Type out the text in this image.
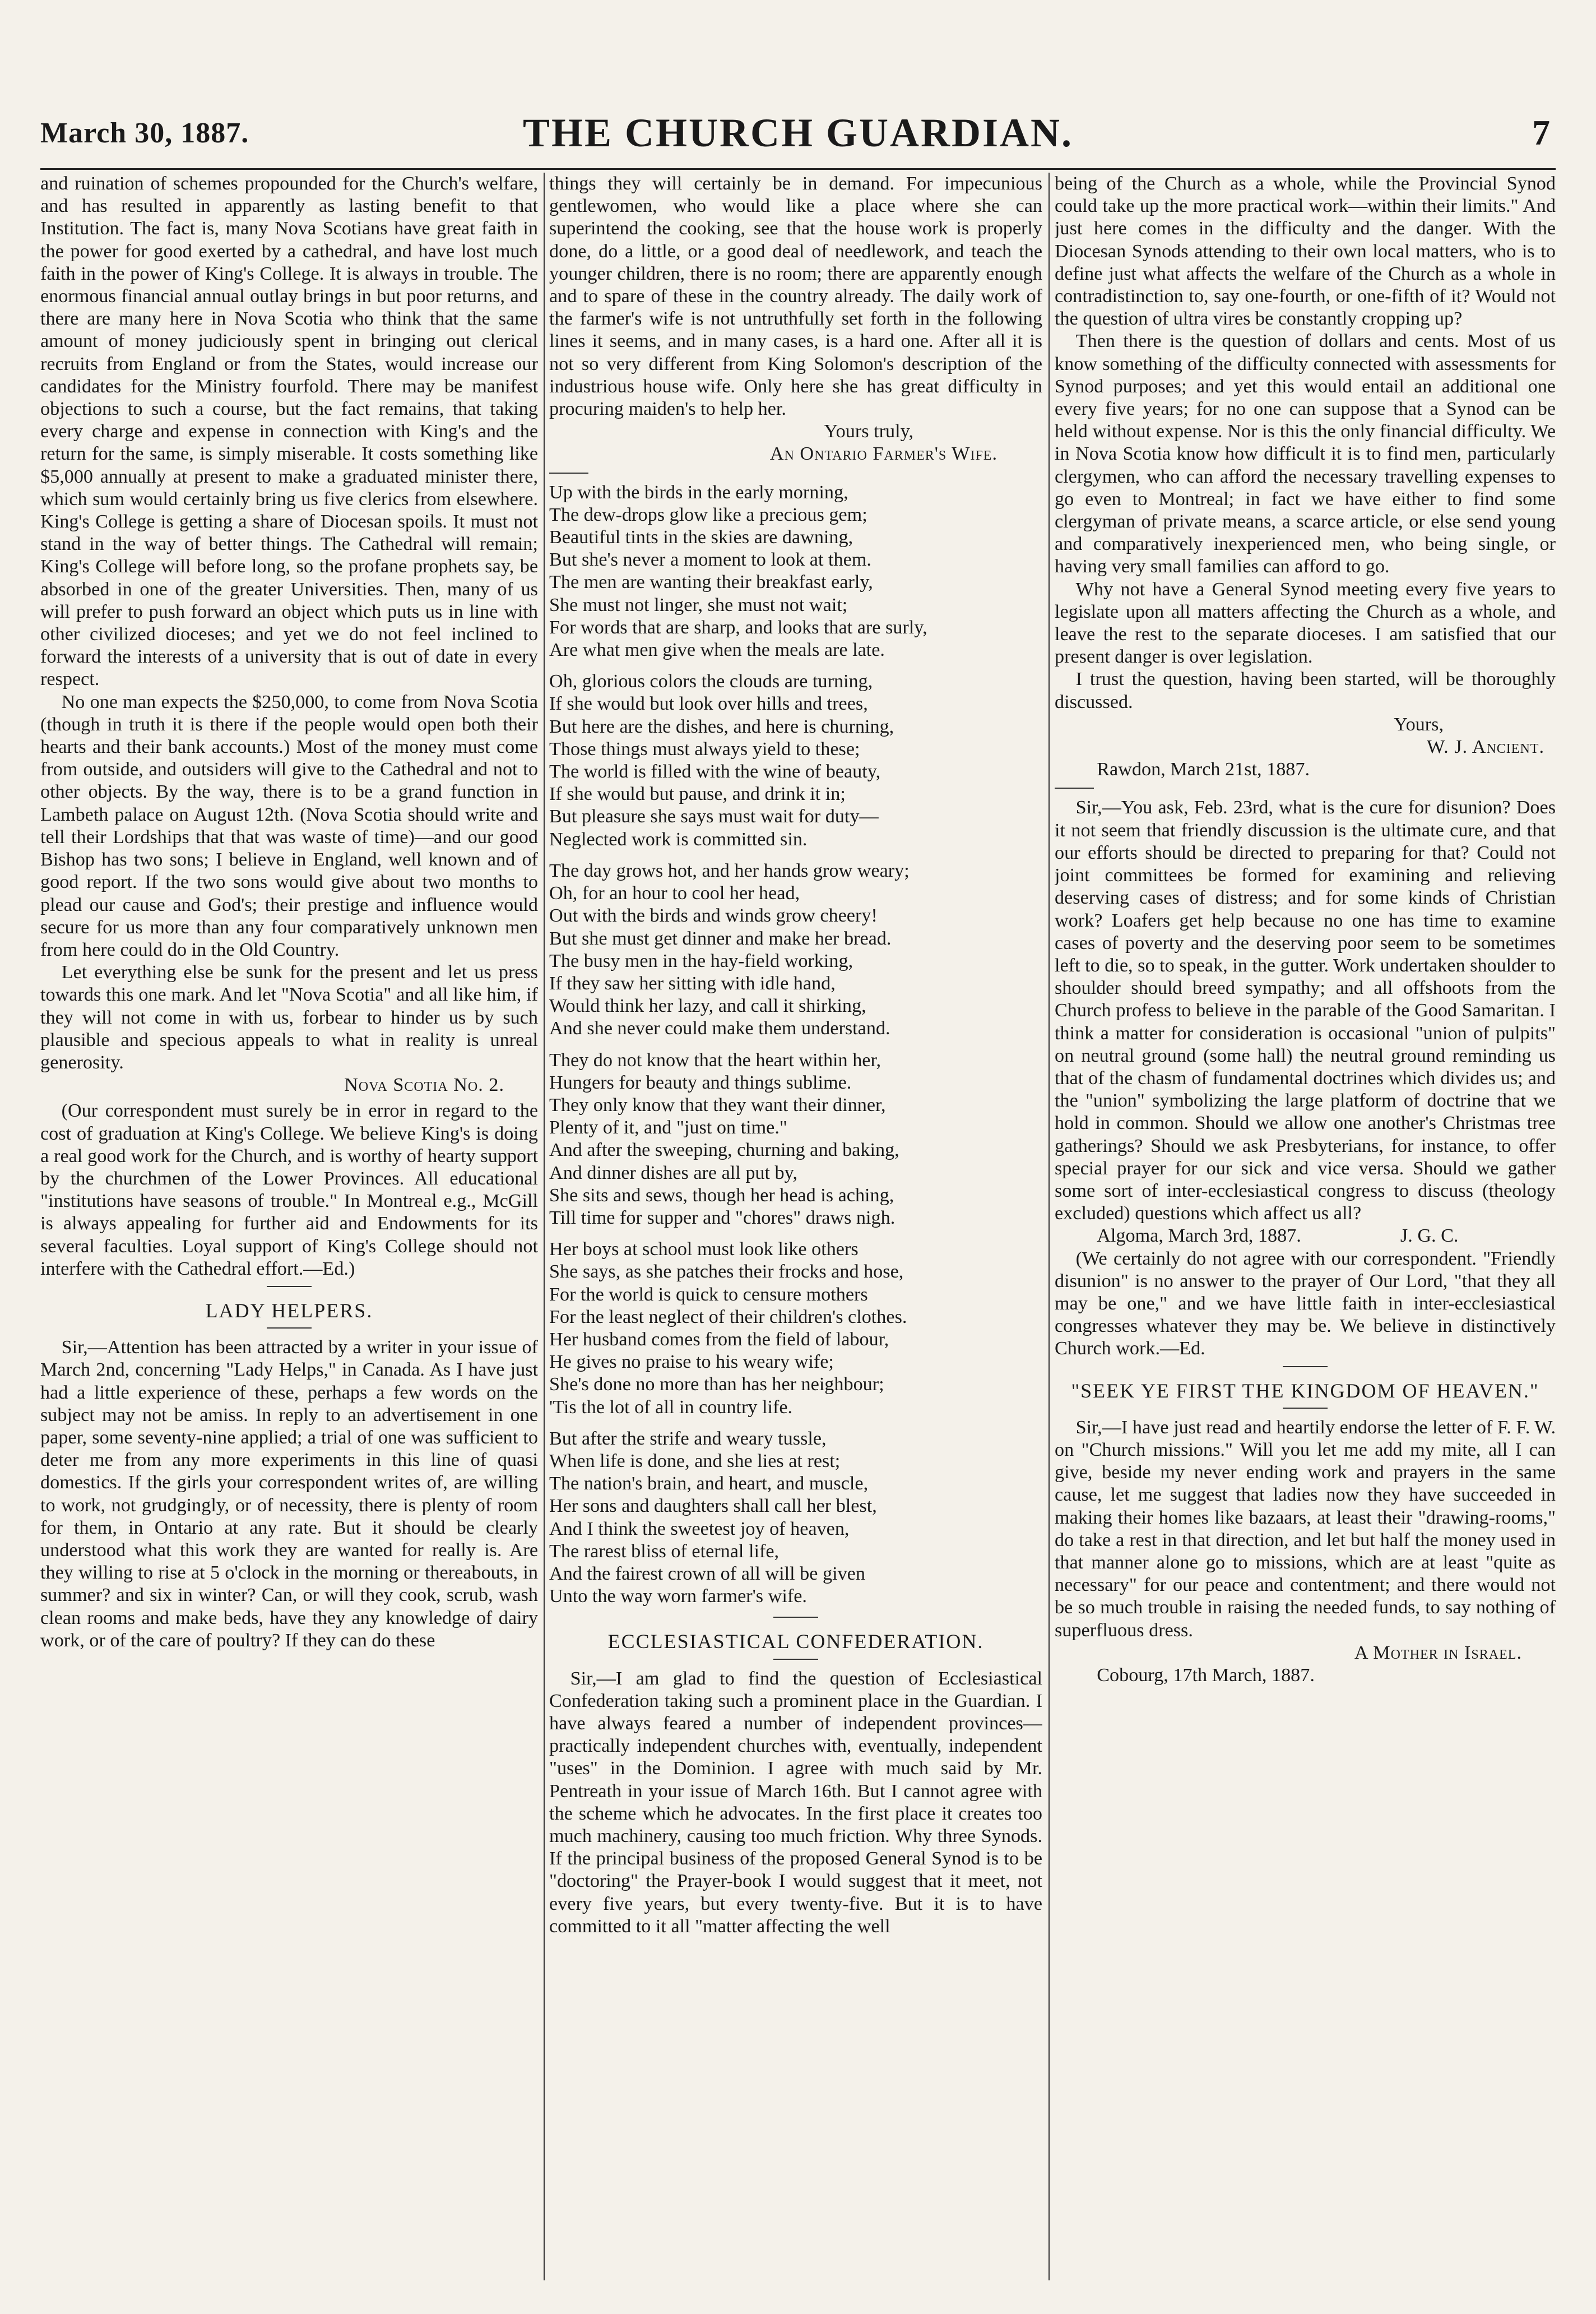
March 30, 1887.	THE CHURCH GUARDIAN.	7

and ruination of schemes propounded for the Church's welfare, and has resulted in apparently as lasting benefit to that Institution. The fact is, many Nova Scotians have great faith in the power for good exerted by a cathedral, and have lost much faith in the power of King's College. It is always in trouble. The enormous financial annual outlay brings in but poor returns, and there are many here in Nova Scotia who think that the same amount of money judiciously spent in bringing out clerical recruits from England or from the States, would increase our candidates for the Ministry fourfold. There may be manifest objections to such a course, but the fact remains, that taking every charge and expense in connection with King's and the return for the same, is simply miserable. It costs something like $5,000 annually at present to make a graduated minister there, which sum would certainly bring us five clerics from elsewhere. King's College is getting a share of Diocesan spoils. It must not stand in the way of better things. The Cathedral will remain; King's College will before long, so the profane prophets say, be absorbed in one of the greater Universities. Then, many of us will prefer to push forward an object which puts us in line with other civilized dioceses; and yet we do not feel inclined to forward the interests of a university that is out of date in every respect.

No one man expects the $250,000, to come from Nova Scotia (though in truth it is there if the people would open both their hearts and their bank accounts.) Most of the money must come from outside, and outsiders will give to the Cathedral and not to other objects. By the way, there is to be a grand function in Lambeth palace on August 12th. (Nova Scotia should write and tell their Lordships that that was waste of time)—and our good Bishop has two sons; I believe in England, well known and of good report. If the two sons would give about two months to plead our cause and God's; their prestige and influence would secure for us more than any four comparatively unknown men from here could do in the Old Country.

Let everything else be sunk for the present and let us press towards this one mark. And let "Nova Scotia" and all like him, if they will not come in with us, forbear to hinder us by such plausible and specious appeals to what in reality is unreal generosity.

Nova Scotia No. 2.

(Our correspondent must surely be in error in regard to the cost of graduation at King's College. We believe King's is doing a real good work for the Church, and is worthy of hearty support by the churchmen of the Lower Provinces. All educational "institutions have seasons of trouble." In Montreal e.g., McGill is always appealing for further aid and Endowments for its several faculties. Loyal support of King's College should not interfere with the Cathedral effort.—Ed.)

LADY HELPERS.

Sir,—Attention has been attracted by a writer in your issue of March 2nd, concerning "Lady Helps," in Canada. As I have just had a little experience of these, perhaps a few words on the subject may not be amiss. In reply to an advertisement in one paper, some seventy-nine applied; a trial of one was sufficient to deter me from any more experiments in this line of quasi domestics. If the girls your correspondent writes of, are willing to work, not grudgingly, or of necessity, there is plenty of room for them, in Ontario at any rate. But it should be clearly understood what this work they are wanted for really is. Are they willing to rise at 5 o'clock in the morning or thereabouts, in summer? and six in winter? Can, or will they cook, scrub, wash clean rooms and make beds, have they any knowledge of dairy work, or of the care of poultry? If they can do these

things they will certainly be in demand. For impecunious gentlewomen, who would like a place where she can superintend the cooking, see that the house work is properly done, do a little, or a good deal of needlework, and teach the younger children, there is no room; there are apparently enough and to spare of these in the country already. The daily work of the farmer's wife is not untruthfully set forth in the following lines it seems, and in many cases, is a hard one. After all it is not so very different from King Solomon's description of the industrious house wife. Only here she has great difficulty in procuring maiden's to help her.

Yours truly,

An Ontario Farmer's Wife.

Up with the birds in the early morning,
The dew-drops glow like a precious gem;
Beautiful tints in the skies are dawning,
But she's never a moment to look at them.
The men are wanting their breakfast early,
She must not linger, she must not wait;
For words that are sharp, and looks that are surly,
Are what men give when the meals are late.
Oh, glorious colors the clouds are turning,
If she would but look over hills and trees,
But here are the dishes, and here is churning,
Those things must always yield to these;
The world is filled with the wine of beauty,
If she would but pause, and drink it in;
But pleasure she says must wait for duty—
Neglected work is committed sin.
The day grows hot, and her hands grow weary;
Oh, for an hour to cool her head,
Out with the birds and winds grow cheery!
But she must get dinner and make her bread.
The busy men in the hay-field working,
If they saw her sitting with idle hand,
Would think her lazy, and call it shirking,
And she never could make them understand.
They do not know that the heart within her,
Hungers for beauty and things sublime.
They only know that they want their dinner,
Plenty of it, and "just on time."
And after the sweeping, churning and baking,
And dinner dishes are all put by,
She sits and sews, though her head is aching,
Till time for supper and "chores" draws nigh.
Her boys at school must look like others
She says, as she patches their frocks and hose,
For the world is quick to censure mothers
For the least neglect of their children's clothes.
Her husband comes from the field of labour,
He gives no praise to his weary wife;
She's done no more than has her neighbour;
'Tis the lot of all in country life.
But after the strife and weary tussle,
When life is done, and she lies at rest;
The nation's brain, and heart, and muscle,
Her sons and daughters shall call her blest,
And I think the sweetest joy of heaven,
The rarest bliss of eternal life,
And the fairest crown of all will be given
Unto the way worn farmer's wife.
ECCLESIASTICAL CONFEDERATION.

Sir,—I am glad to find the question of Ecclesiastical Confederation taking such a prominent place in the Guardian. I have always feared a number of independent provinces—practically independent churches with, eventually, independent "uses" in the Dominion. I agree with much said by Mr. Pentreath in your issue of March 16th. But I cannot agree with the scheme which he advocates. In the first place it creates too much machinery, causing too much friction. Why three Synods. If the principal business of the proposed General Synod is to be "doctoring" the Prayer-book I would suggest that it meet, not every five years, but every twenty-five. But it is to have committed to it all "matter affecting the well

being of the Church as a whole, while the Provincial Synod could take up the more practical work—within their limits." And just here comes in the difficulty and the danger. With the Diocesan Synods attending to their own local matters, who is to define just what affects the welfare of the Church as a whole in contradistinction to, say one-fourth, or one-fifth of it? Would not the question of ultra vires be constantly cropping up?

Then there is the question of dollars and cents. Most of us know something of the difficulty connected with assessments for Synod purposes; and yet this would entail an additional one every five years; for no one can suppose that a Synod can be held without expense. Nor is this the only financial difficulty. We in Nova Scotia know how difficult it is to find men, particularly clergymen, who can afford the necessary travelling expenses to go even to Montreal; in fact we have either to find some clergyman of private means, a scarce article, or else send young and comparatively inexperienced men, who being single, or having very small families can afford to go.

Why not have a General Synod meeting every five years to legislate upon all matters affecting the Church as a whole, and leave the rest to the separate dioceses. I am satisfied that our present danger is over legislation.

I trust the question, having been started, will be thoroughly discussed.

Yours,

W. J. Ancient.

Rawdon, March 21st, 1887.

Sir,—You ask, Feb. 23rd, what is the cure for disunion? Does it not seem that friendly discussion is the ultimate cure, and that our efforts should be directed to preparing for that? Could not joint committees be formed for examining and relieving deserving cases of distress; and for some kinds of Christian work? Loafers get help because no one has time to examine cases of poverty and the deserving poor seem to be sometimes left to die, so to speak, in the gutter. Work undertaken shoulder to shoulder should breed sympathy; and all offshoots from the Church profess to believe in the parable of the Good Samaritan. I think a matter for consideration is occasional "union of pulpits" on neutral ground (some hall) the neutral ground reminding us that of the chasm of fundamental doctrines which divides us; and the "union" symbolizing the large platform of doctrine that we hold in common. Should we allow one another's Christmas tree gatherings? Should we ask Presbyterians, for instance, to offer special prayer for our sick and vice versa. Should we gather some sort of inter-ecclesiastical congress to discuss (theology excluded) questions which affect us all?

Algoma, March 3rd, 1887.	J. G. C.

(We certainly do not agree with our correspondent. "Friendly disunion" is no answer to the prayer of Our Lord, "that they all may be one," and we have little faith in inter-ecclesiastical congresses whatever they may be. We believe in distinctively Church work.—Ed.

"SEEK YE FIRST THE KINGDOM OF HEAVEN."

Sir,—I have just read and heartily endorse the letter of F. F. W. on "Church missions." Will you let me add my mite, all I can give, beside my never ending work and prayers in the same cause, let me suggest that ladies now they have succeeded in making their homes like bazaars, at least their "drawing-rooms," do take a rest in that direction, and let but half the money used in that manner alone go to missions, which are at least "quite as necessary" for our peace and contentment; and there would not be so much trouble in raising the needed funds, to say nothing of superfluous dress.

A Mother in Israel.

Cobourg, 17th March, 1887.
